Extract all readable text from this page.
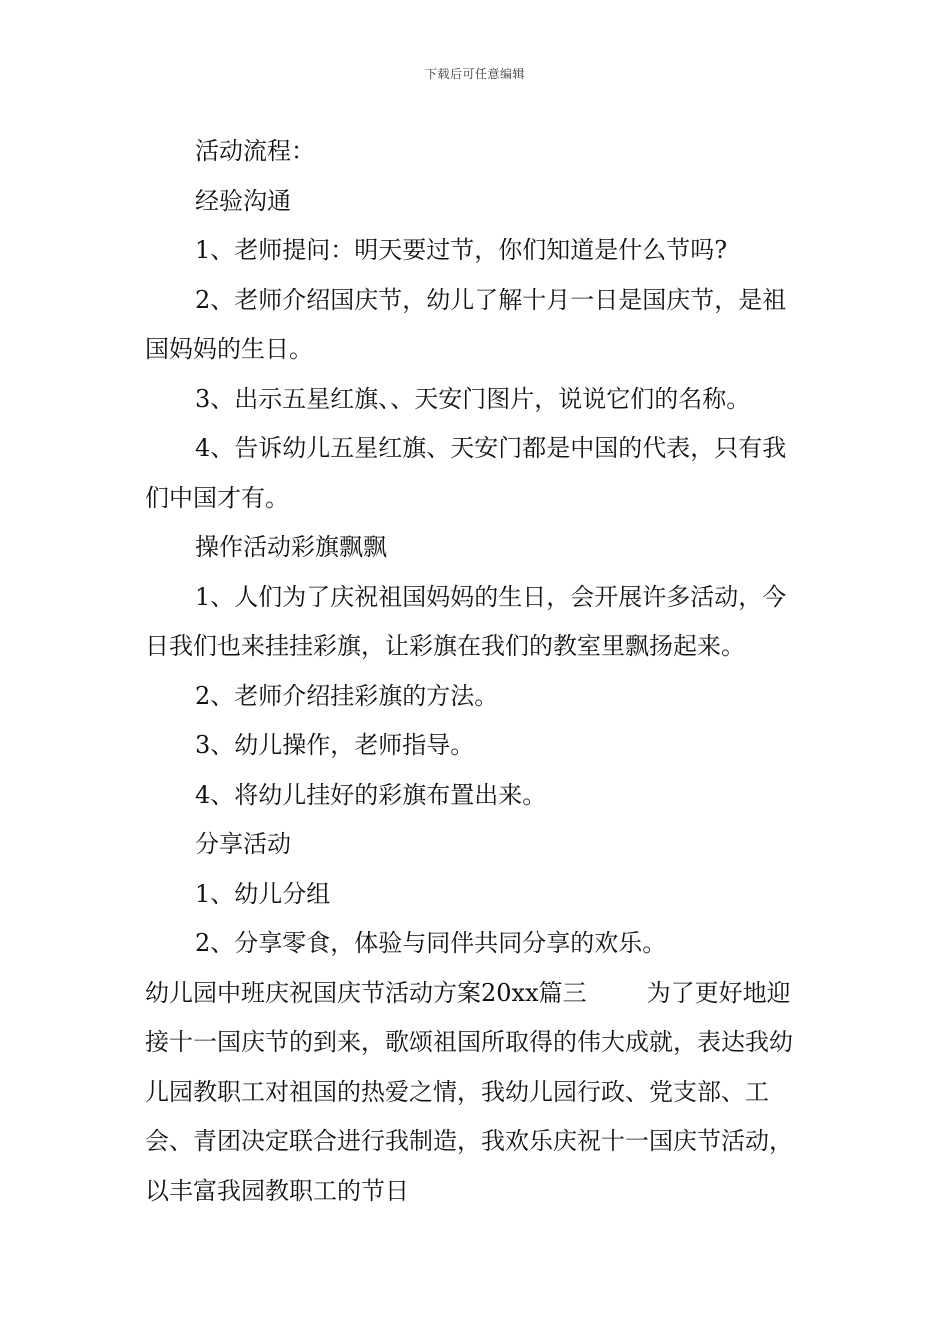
下载后可任意编辑

活动流程：

经验沟通

1、老师提问：明天要过节，你们知道是什么节吗?

2、老师介绍国庆节，幼儿了解十月一日是国庆节，是祖国妈妈的生日。

3、出示五星红旗、、天安门图片，说说它们的名称。

4、告诉幼儿五星红旗、天安门都是中国的代表，只有我们中国才有。

操作活动彩旗飘飘

1、人们为了庆祝祖国妈妈的生日，会开展许多活动，今日我们也来挂挂彩旗，让彩旗在我们的教室里飘扬起来。

2、老师介绍挂彩旗的方法。

3、幼儿操作，老师指导。

4、将幼儿挂好的彩旗布置出来。

分享活动

1、幼儿分组

2、分享零食，体验与同伴共同分享的欢乐。

幼儿园中班庆祝国庆节活动方案20xx篇三	为了更好地迎接十一国庆节的到来，歌颂祖国所取得的伟大成就，表达我幼儿园教职工对祖国的热爱之情，我幼儿园行政、党支部、工会、青团决定联合进行我制造，我欢乐庆祝十一国庆节活动，以丰富我园教职工的节日
